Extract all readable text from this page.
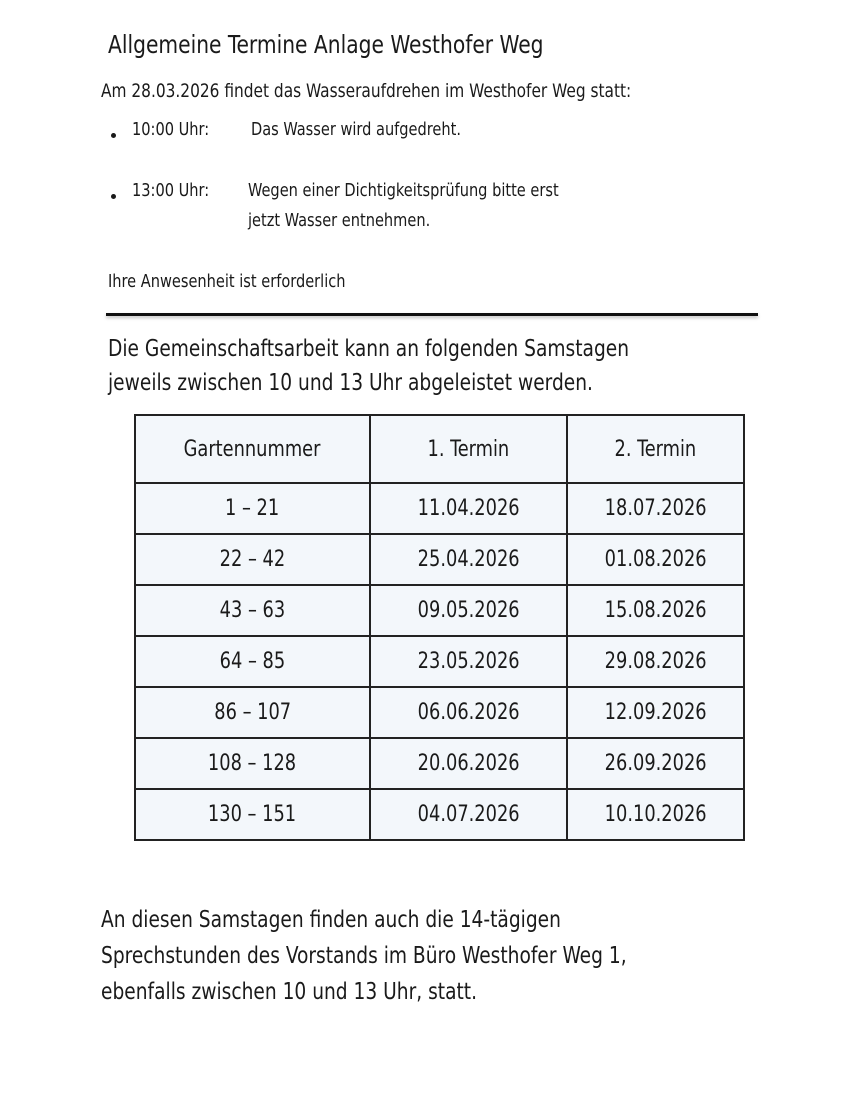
Allgemeine Termine Anlage Westhofer Weg
Am 28.03.2026 findet das Wasseraufdrehen im Westhofer Weg statt:
10:00 Uhr: Das Wasser wird aufgedreht.
13:00 Uhr: Wegen einer Dichtigkeitsprüfung bitte erst
jetzt Wasser entnehmen.
Ihre Anwesenheit ist erforderlich
Die Gemeinschaftsarbeit kann an folgenden Samstagen
jeweils zwischen 10 und 13 Uhr abgeleistet werden.
Gartennummer	1. Termin	2. Termin
1 – 21	11.04.2026	18.07.2026
22 – 42	25.04.2026	01.08.2026
43 – 63	09.05.2026	15.08.2026
64 – 85	23.05.2026	29.08.2026
86 – 107	06.06.2026	12.09.2026
108 – 128	20.06.2026	26.09.2026
130 – 151	04.07.2026	10.10.2026
An diesen Samstagen finden auch die 14-tägigen
Sprechstunden des Vorstands im Büro Westhofer Weg 1,
ebenfalls zwischen 10 und 13 Uhr, statt.
